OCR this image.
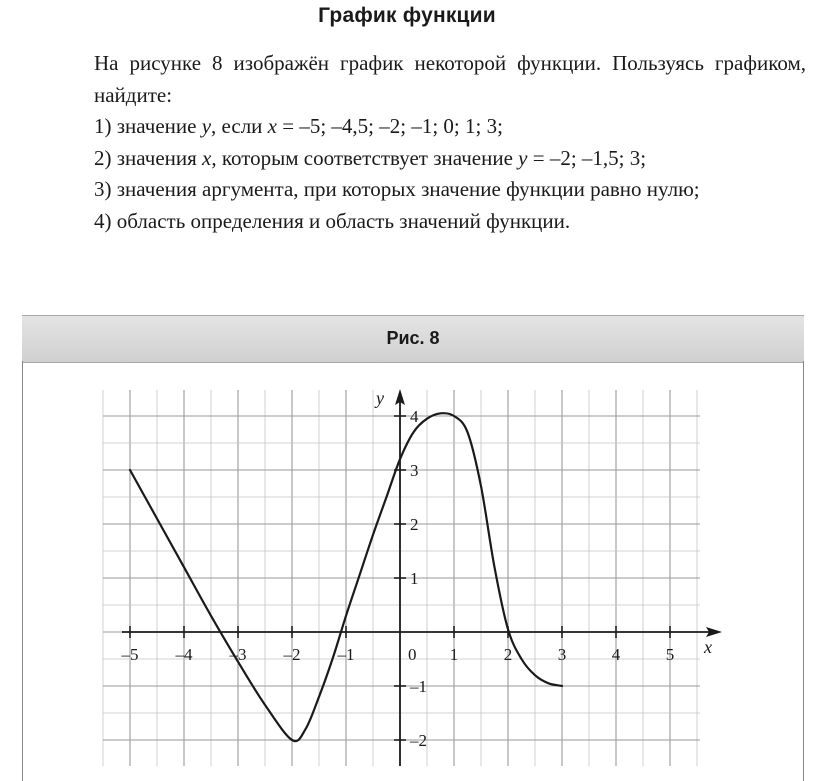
График функции

На рисунке 8 изображён график некоторой функции. Пользуясь графиком, найдите:

1) значение y, если x = –5; –4,5; –2; –1; 0; 1; 3;

2) значения x, которым соответствует значение y = –2; –1,5; 3;

3) значения аргумента, при которых значение функции равно нулю;

4) область определения и область значений функции.

Рис. 8
x
y
–5 –4 –3 –2 –1	1	2	3	4	5
4
3
2
1
–1
–2
0
